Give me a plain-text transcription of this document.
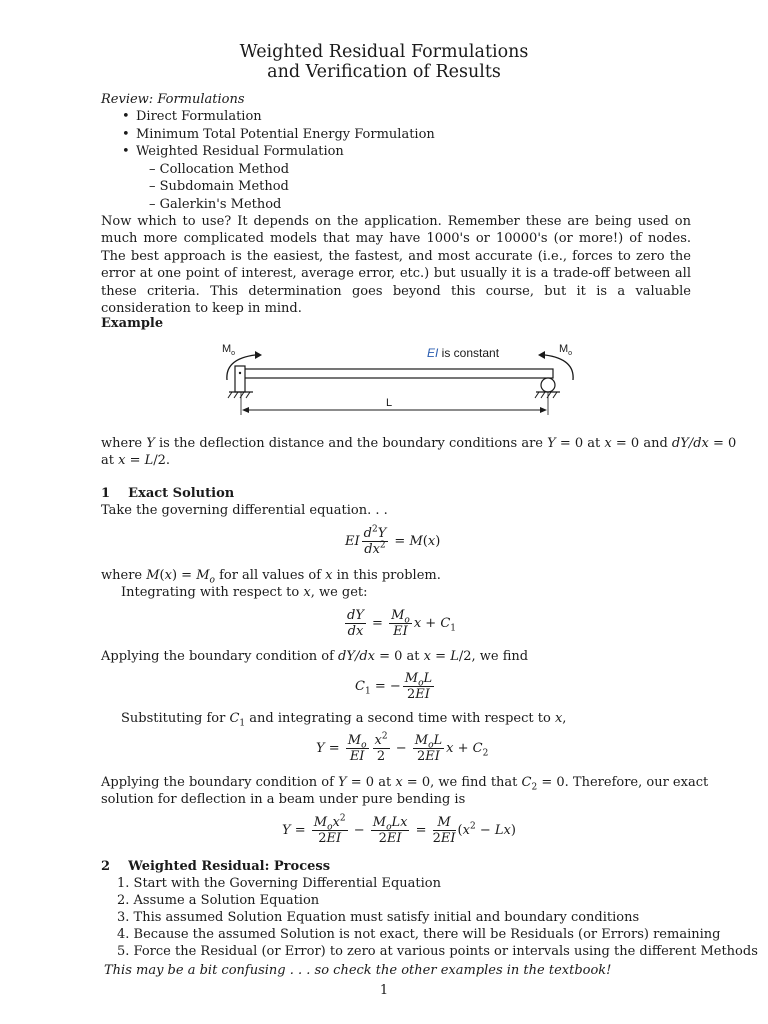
Weighted Residual Formulations
and Verification of Results
Review: Formulations
• Direct Formulation
• Minimum Total Potential Energy Formulation
• Weighted Residual Formulation
– Collocation Method
– Subdomain Method
– Galerkin's Method
Now which to use? It depends on the application. Remember these are being used on much more complicated models that may have 1000's or 10000's (or more!) of nodes. The best approach is the easiest, the fastest, and most accurate (i.e., forces to zero the error at one point of interest, average error, etc.) but usually it is a trade-off between all these criteria. This determination goes beyond this course, but it is a valuable consideration to keep in mind.
Example
$M_o$	$M_o$
EI is constant
L
where Y is the deflection distance and the boundary conditions are Y = 0 at x = 0 and dY/dx = 0
at x = L/2.
1 Exact Solution
Take the governing differential equation. . .
EI $\frac{d^2Y}{dx^2} = M(x)$
where $M(x) = M_o$ for all values of x in this problem.
Integrating with respect to x, we get:
$\frac{dY}{dx} = \frac{M_o}{EI}$ $x + C_1$
Applying the boundary condition of dY/dx = 0 at x = L/2, we find
$C_1$ = − $\frac{M_oL}{2EI}$
Substituting for $C_1$ and integrating a second time with respect to x,
$Y = \frac{M_o}{EI} \frac{x^2}{2} - \frac{M_oL}{2EI}$ $x + C_2$
Applying the boundary condition of Y = 0 at x = 0, we find that $C_2 = 0$. Therefore, our exact
solution for deflection in a beam under pure bending is
$Y = \frac{M_ox^2}{2EI} - \frac{M_oLx}{2EI} = \frac{M}{2EI} (x^2 - Lx)$
2 Weighted Residual: Process
1. Start with the Governing Differential Equation
2. Assume a Solution Equation
3. This assumed Solution Equation must satisfy initial and boundary conditions
4. Because the assumed Solution is not exact, there will be Residuals (or Errors) remaining
5. Force the Residual (or Error) to zero at various points or intervals using the different Methods
This may be a bit confusing . . . so check the other examples in the textbook!
1
